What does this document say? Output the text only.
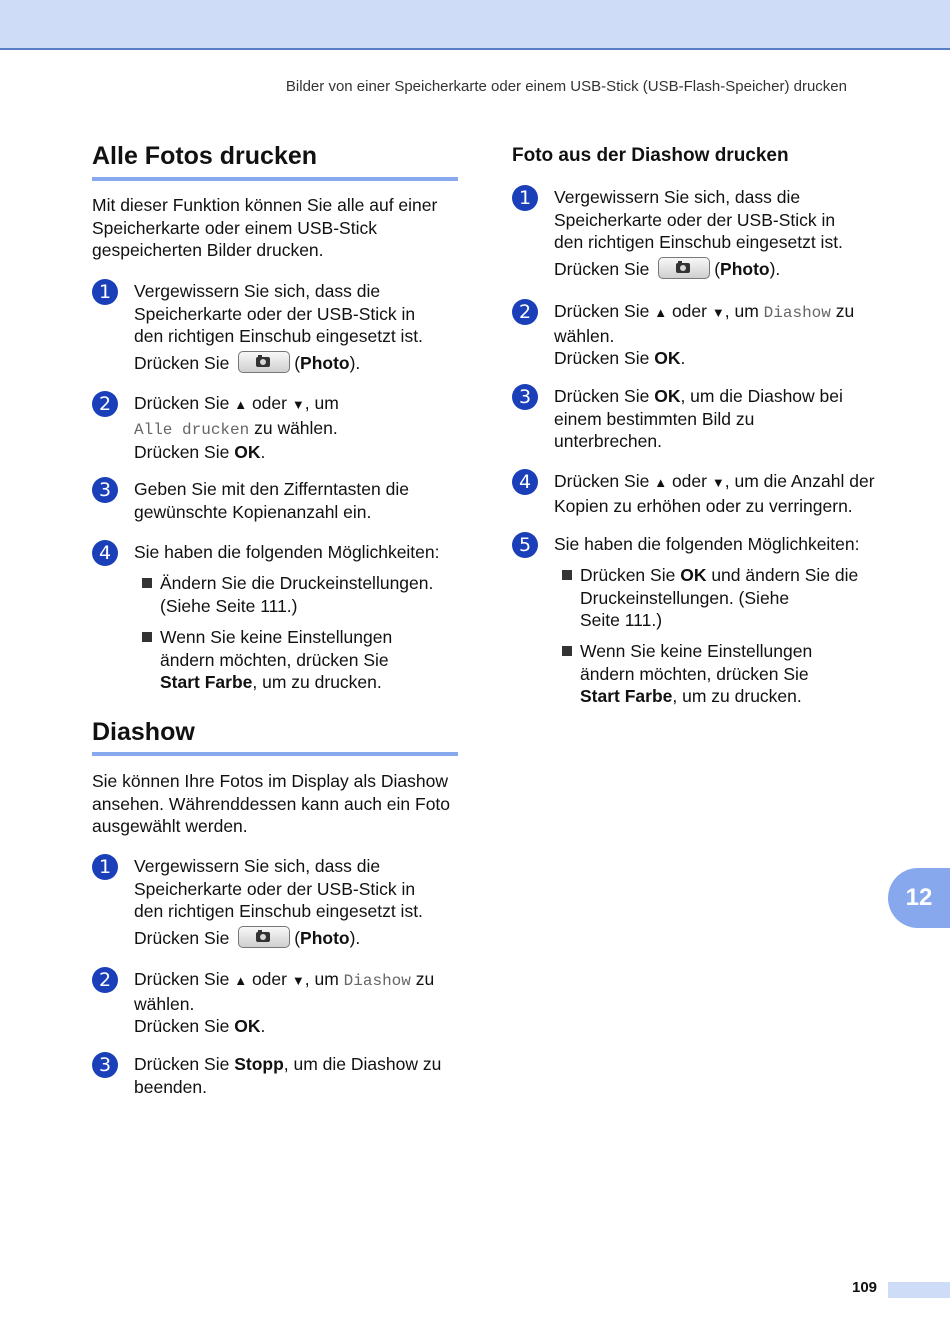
Bilder von einer Speicherkarte oder einem USB-Stick (USB-Flash-Speicher) drucken
Alle Fotos drucken

Mit dieser Funktion können Sie alle auf einer Speicherkarte oder einem USB-Stick gespeicherten Bilder drucken.

1	Vergewissern Sie sich, dass die
Speicherkarte oder der USB-Stick in
den richtigen Einschub eingesetzt ist.
Drücken Sie	(Photo).
2	Drücken Sie ▲ oder ▼, um
Alle drucken zu wählen.
Drücken Sie OK.
3	Geben Sie mit den Zifferntasten die
gewünschte Kopienanzahl ein.
4	Sie haben die folgenden Möglichkeiten:
Ändern Sie die Druckeinstellungen.
(Siehe Seite 111.)
Wenn Sie keine Einstellungen
ändern möchten, drücken Sie
Start Farbe, um zu drucken.
Diashow

Sie können Ihre Fotos im Display als Diashow ansehen. Währenddessen kann auch ein Foto ausgewählt werden.

1	Vergewissern Sie sich, dass die
Speicherkarte oder der USB-Stick in
den richtigen Einschub eingesetzt ist.
Drücken Sie	(Photo).
2	Drücken Sie ▲ oder ▼, um Diashow zu
wählen.
Drücken Sie OK.
3	Drücken Sie Stopp, um die Diashow zu
beenden.
Foto aus der Diashow drucken
1	Vergewissern Sie sich, dass die
Speicherkarte oder der USB-Stick in
den richtigen Einschub eingesetzt ist.
Drücken Sie	(Photo).
2	Drücken Sie ▲ oder ▼, um Diashow zu
wählen.
Drücken Sie OK.
3	Drücken Sie OK, um die Diashow bei
einem bestimmten Bild zu
unterbrechen.
4	Drücken Sie ▲ oder ▼, um die Anzahl der
Kopien zu erhöhen oder zu verringern.
5	Sie haben die folgenden Möglichkeiten:
Drücken Sie OK und ändern Sie die
Druckeinstellungen. (Siehe
Seite 111.)
Wenn Sie keine Einstellungen
ändern möchten, drücken Sie
Start Farbe, um zu drucken.
12
109
